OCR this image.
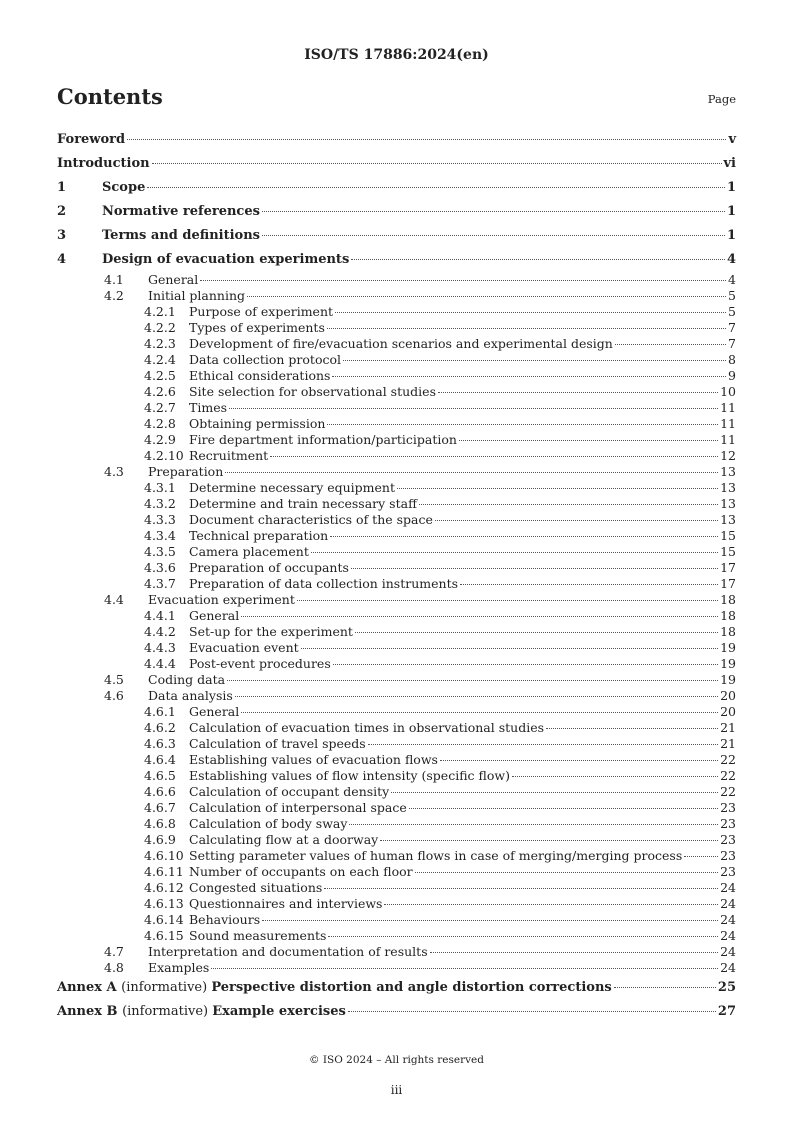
ISO/TS 17886:2024(en)
Contents	Page
Foreword	v
Introduction	vi
1	Scope	1
2	Normative references	1
3	Terms and definitions	1
4	Design of evacuation experiments	4
4.1 General	4
4.2 Initial planning	5
4.2.1 Purpose of experiment	5
4.2.2 Types of experiments	7
4.2.3 Development of fire/evacuation scenarios and experimental design	7
4.2.4 Data collection protocol	8
4.2.5 Ethical considerations	9
4.2.6 Site selection for observational studies	10
4.2.7 Times	11
4.2.8 Obtaining permission	11
4.2.9 Fire department information/participation	11
4.2.10 Recruitment	12
4.3 Preparation	13
4.3.1 Determine necessary equipment	13
4.3.2 Determine and train necessary staff	13
4.3.3 Document characteristics of the space	13
4.3.4 Technical preparation	15
4.3.5 Camera placement	15
4.3.6 Preparation of occupants	17
4.3.7 Preparation of data collection instruments	17
4.4 Evacuation experiment	18
4.4.1 General	18
4.4.2 Set-up for the experiment	18
4.4.3 Evacuation event	19
4.4.4 Post-event procedures	19
4.5 Coding data	19
4.6 Data analysis	20
4.6.1 General	20
4.6.2 Calculation of evacuation times in observational studies	21
4.6.3 Calculation of travel speeds	21
4.6.4 Establishing values of evacuation flows	22
4.6.5 Establishing values of flow intensity (specific flow)	22
4.6.6 Calculation of occupant density	22
4.6.7 Calculation of interpersonal space	23
4.6.8 Calculation of body sway	23
4.6.9 Calculating flow at a doorway	23
4.6.10 Setting parameter values of human flows in case of merging/merging process	23
4.6.11 Number of occupants on each floor	23
4.6.12 Congested situations	24
4.6.13 Questionnaires and interviews	24
4.6.14 Behaviours	24
4.6.15 Sound measurements	24
4.7 Interpretation and documentation of results	24
4.8 Examples	24
Annex A (informative) Perspective distortion and angle distortion corrections	25
Annex B (informative) Example exercises	27
© ISO 2024 – All rights reserved
iii
